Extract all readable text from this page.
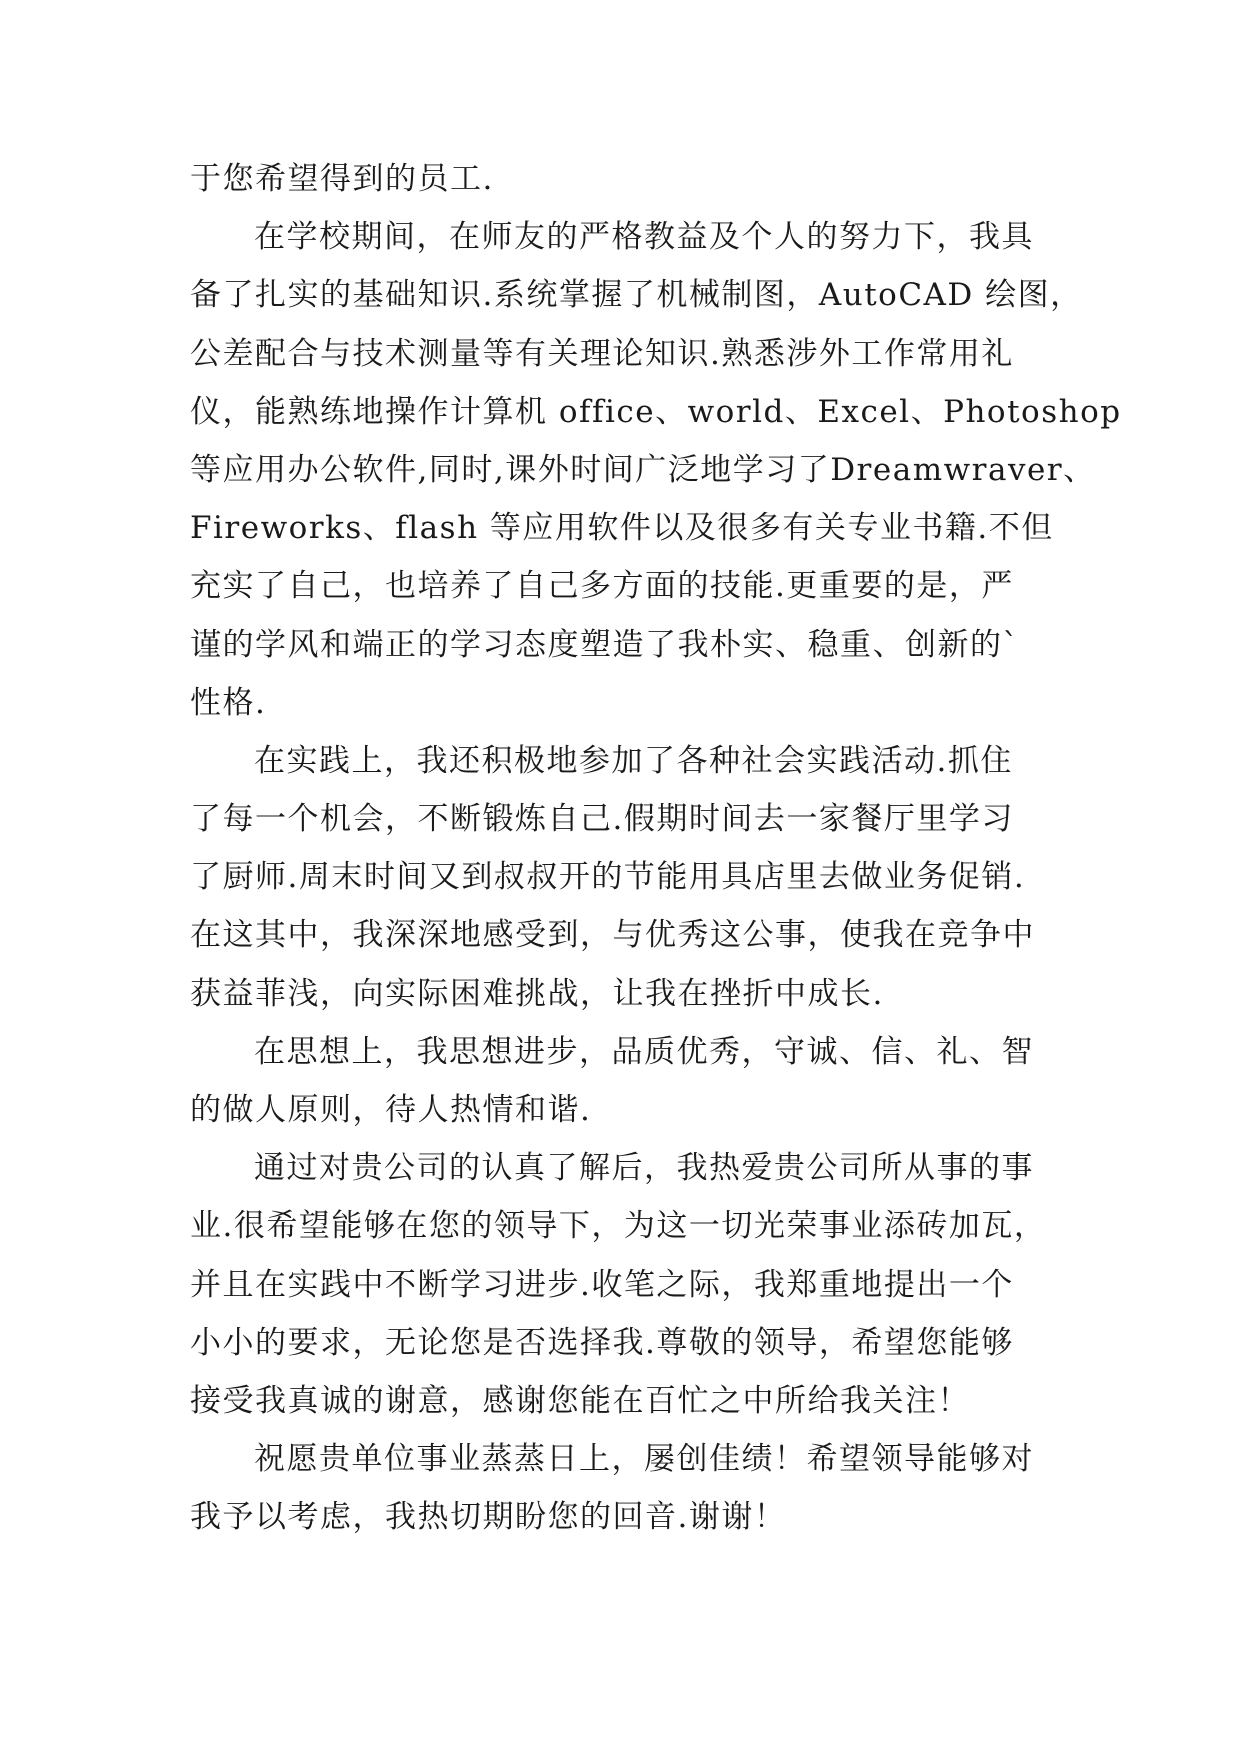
于您希望得到的员工.
在学校期间，在师友的严格教益及个人的努力下，我具
备了扎实的基础知识.系统掌握了机械制图，AutoCAD 绘图，
公差配合与技术测量等有关理论知识.熟悉涉外工作常用礼
仪，能熟练地操作计算机 office、world、Excel、Photoshop
等应用办公软件,同时,课外时间广泛地学习了Dreamwraver、
Fireworks、flash 等应用软件以及很多有关专业书籍.不但
充实了自己，也培养了自己多方面的技能.更重要的是，严
谨的学风和端正的学习态度塑造了我朴实、稳重、创新的`
性格.
在实践上，我还积极地参加了各种社会实践活动.抓住
了每一个机会，不断锻炼自己.假期时间去一家餐厅里学习
了厨师.周末时间又到叔叔开的节能用具店里去做业务促销.
在这其中，我深深地感受到，与优秀这公事，使我在竞争中
获益菲浅，向实际困难挑战，让我在挫折中成长.
在思想上，我思想进步，品质优秀，守诚、信、礼、智
的做人原则，待人热情和谐.
通过对贵公司的认真了解后，我热爱贵公司所从事的事
业.很希望能够在您的领导下，为这一切光荣事业添砖加瓦，
并且在实践中不断学习进步.收笔之际，我郑重地提出一个
小小的要求，无论您是否选择我.尊敬的领导，希望您能够
接受我真诚的谢意，感谢您能在百忙之中所给我关注！
祝愿贵单位事业蒸蒸日上，屡创佳绩！希望领导能够对
我予以考虑，我热切期盼您的回音.谢谢！
